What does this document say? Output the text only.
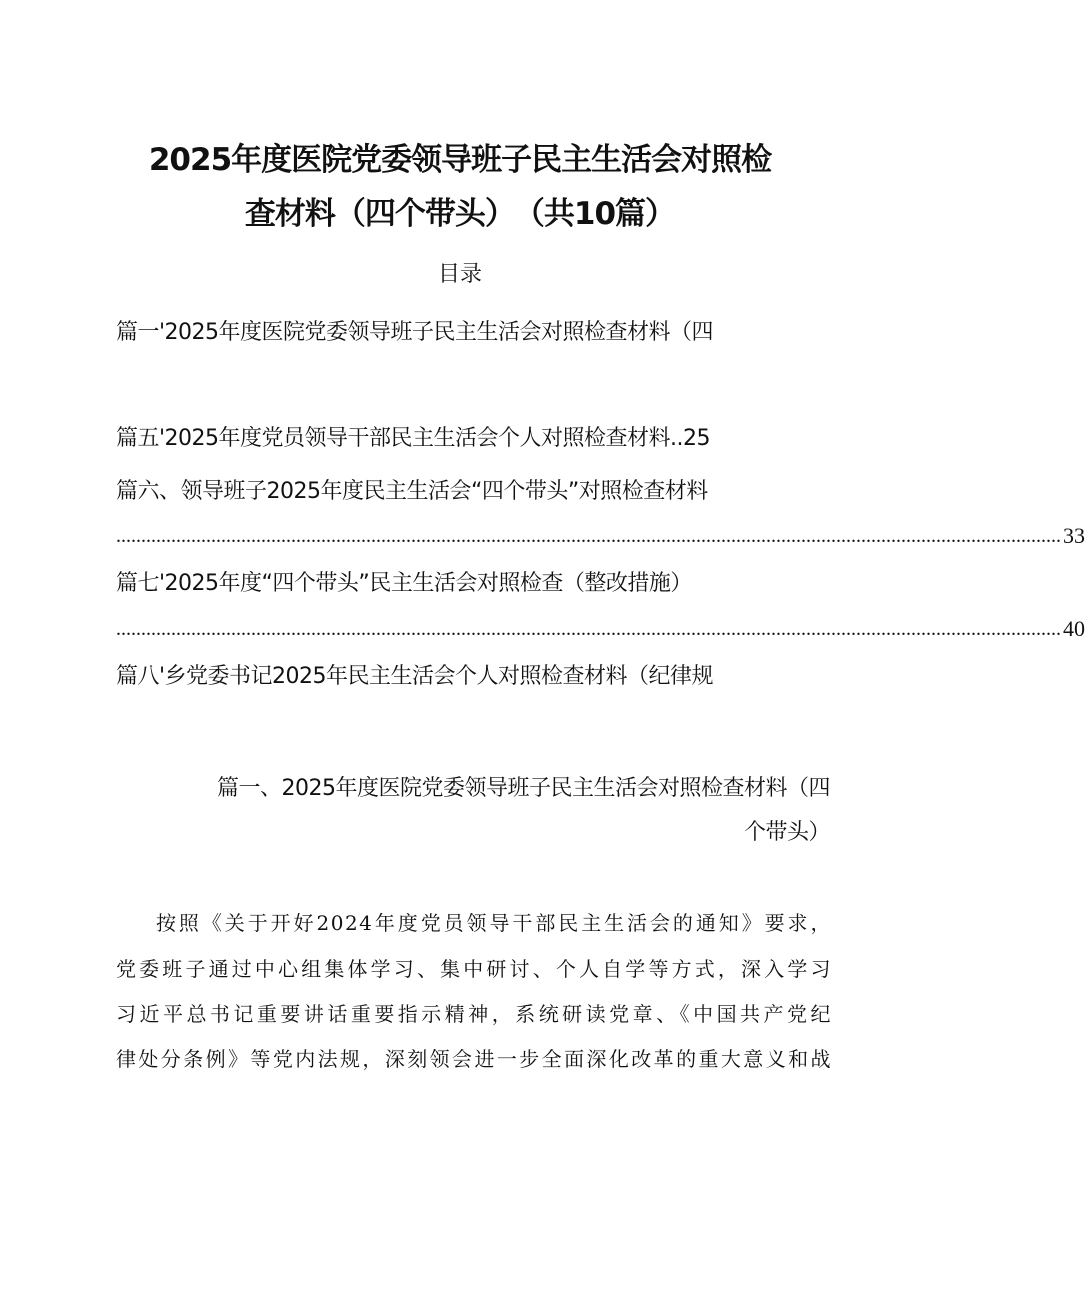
2025年度医院党委领导班子民主生活会对照检
查材料（四个带头）　（共10篇）
目录
篇一'2025年度医院党委领导班子民主生活会对照检查材料（四
篇五'2025年度党员领导干部民主生活会个人对照检查材料..25
篇六、领导班子2025年度民主生活会“四个带头”对照检查材料
............................................................................................................................................................................................. 33
篇七'2025年度“四个带头”民主生活会对照检查（整改措施）
............................................................................................................................................................................................. 40
篇八'乡党委书记2025年民主生活会个人对照检查材料（纪律规
篇一、2025年度医院党委领导班子民主生活会对照检查材料（四
个带头）
按照《关于开好2024年度党员领导干部民主生活会的通知》要求，
党委班子通过中心组集体学习、集中研讨、个人自学等方式，深入学习
习近平总书记重要讲话重要指示精神，系统研读党章、《中国共产党纪
律处分条例》等党内法规，深刻领会进一步全面深化改革的重大意义和战
